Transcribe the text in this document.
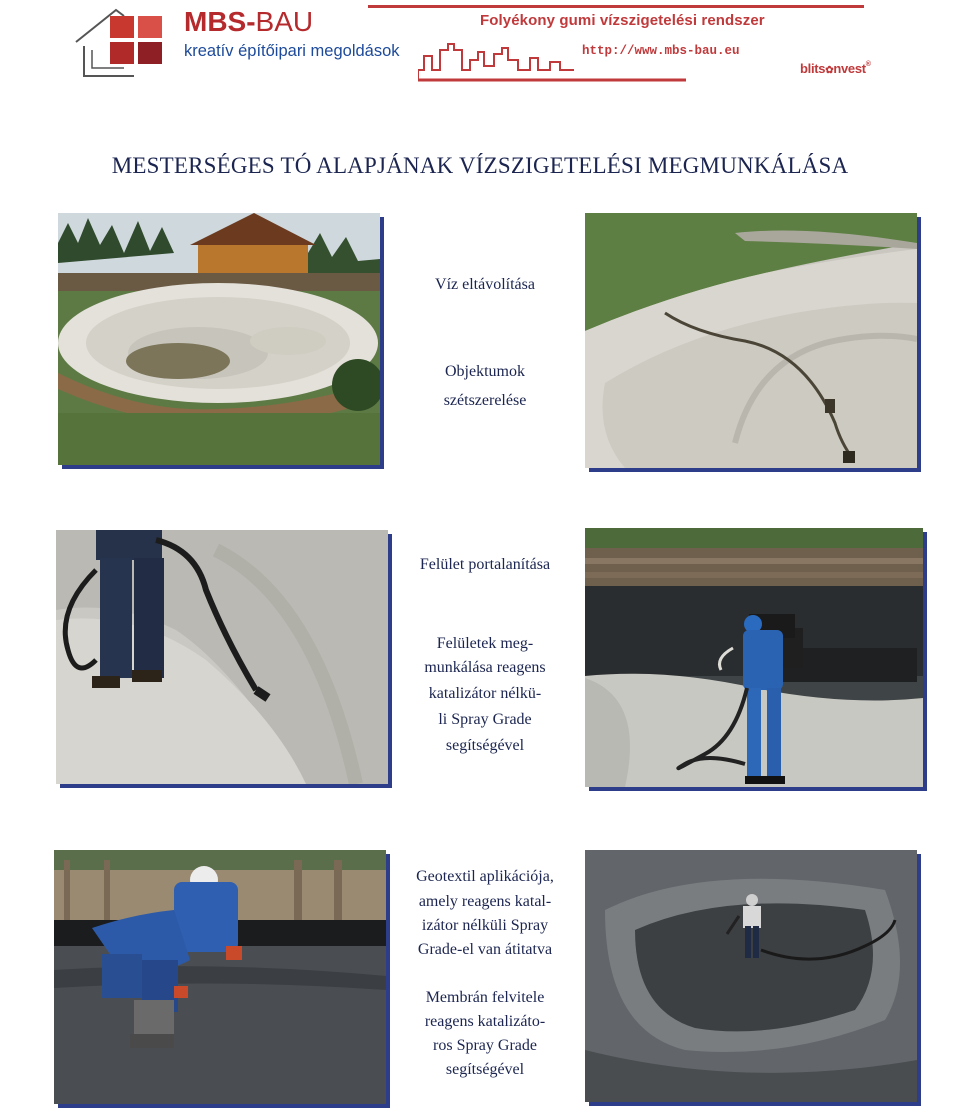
MBS-BAU
kreatív építőipari megoldások
Folyékony gumi vízszigetelési rendszer
http://www.mbs-bau.eu
blits✿nvest®
MESTERSÉGES TÓ ALAPJÁNAK VÍZSZIGETELÉSI MEGMUNKÁLÁSA
Víz eltávolítása
Objektumok
szétszerelése
Felület portalanítása
Felületek meg-
munkálása reagens
katalizátor nélkü-
li Spray Grade
segítségével
Geotextil aplikációja,
amely reagens katal-
izátor nélküli Spray
Grade-el van átitatva
Membrán felvitele
reagens katalizáto-
ros Spray Grade
segítségével
